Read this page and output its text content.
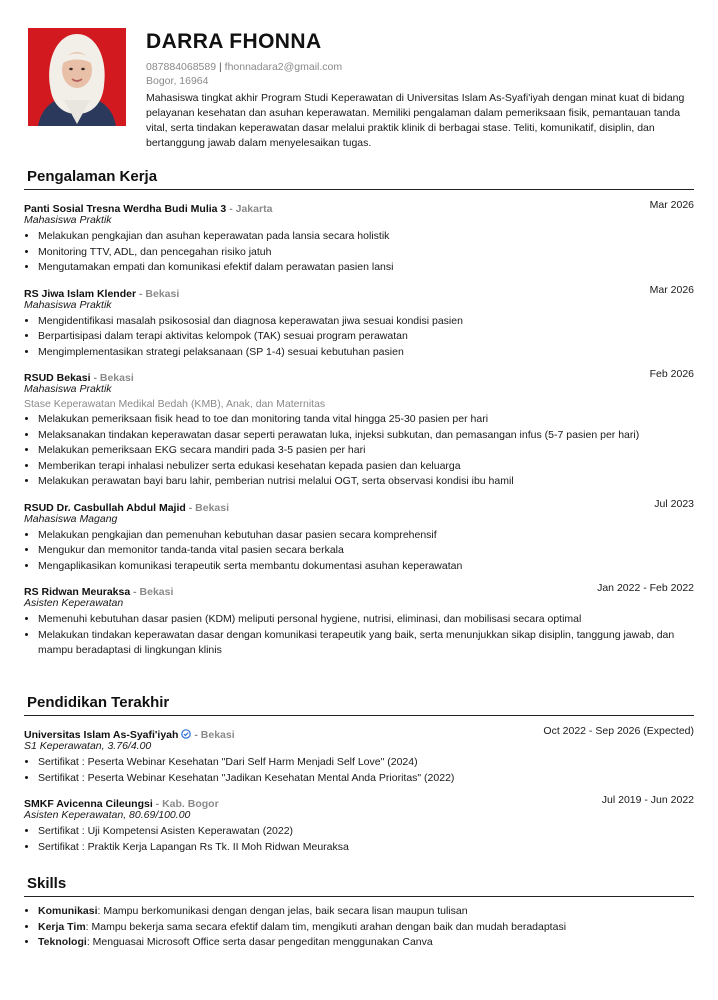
DARRA FHONNA
087884068589 | fhonnadara2@gmail.com
Bogor, 16964
Mahasiswa tingkat akhir Program Studi Keperawatan di Universitas Islam As-Syafi'iyah dengan minat kuat di bidang pelayanan kesehatan dan asuhan keperawatan. Memiliki pengalaman dalam pemeriksaan fisik, pemantauan tanda vital, serta tindakan keperawatan dasar melalui praktik klinik di berbagai stase. Teliti, komunikatif, disiplin, dan bertanggung jawab dalam menyelesaikan tugas.
Pengalaman Kerja
Panti Sosial Tresna Werdha Budi Mulia 3 - Jakarta	Mar 2026
Mahasiswa Praktik
• Melakukan pengkajian dan asuhan keperawatan pada lansia secara holistik
• Monitoring TTV, ADL, dan pencegahan risiko jatuh
• Mengutamakan empati dan komunikasi efektif dalam perawatan pasien lansi
RS Jiwa Islam Klender - Bekasi	Mar 2026
Mahasiswa Praktik
• Mengidentifikasi masalah psikososial dan diagnosa keperawatan jiwa sesuai kondisi pasien
• Berpartisipasi dalam terapi aktivitas kelompok (TAK) sesuai program perawatan
• Mengimplementasikan strategi pelaksanaan (SP 1-4) sesuai kebutuhan pasien
RSUD Bekasi - Bekasi	Feb 2026
Mahasiswa Praktik
Stase Keperawatan Medikal Bedah (KMB), Anak, dan Maternitas
• Melakukan pemeriksaan fisik head to toe dan monitoring tanda vital hingga 25-30 pasien per hari
• Melaksanakan tindakan keperawatan dasar seperti perawatan luka, injeksi subkutan, dan pemasangan infus (5-7 pasien per hari)
• Melakukan pemeriksaan EKG secara mandiri pada 3-5 pasien per hari
• Memberikan terapi inhalasi nebulizer serta edukasi kesehatan kepada pasien dan keluarga
• Melakukan perawatan bayi baru lahir, pemberian nutrisi melalui OGT, serta observasi kondisi ibu hamil
RSUD Dr. Casbullah Abdul Majid - Bekasi	Jul 2023
Mahasiswa Magang
• Melakukan pengkajian dan pemenuhan kebutuhan dasar pasien secara komprehensif
• Mengukur dan memonitor tanda-tanda vital pasien secara berkala
• Mengaplikasikan komunikasi terapeutik serta membantu dokumentasi asuhan keperawatan
RS Ridwan Meuraksa - Bekasi	Jan 2022 - Feb 2022
Asisten Keperawatan
• Memenuhi kebutuhan dasar pasien (KDM) meliputi personal hygiene, nutrisi, eliminasi, dan mobilisasi secara optimal
• Melakukan tindakan keperawatan dasar dengan komunikasi terapeutik yang baik, serta menunjukkan sikap disiplin, tanggung jawab, dan mampu beradaptasi di lingkungan klinis
Pendidikan Terakhir
Universitas Islam As-Syafi'iyah - Bekasi	Oct 2022 - Sep 2026 (Expected)
S1 Keperawatan, 3.76/4.00
• Sertifikat : Peserta Webinar Kesehatan "Dari Self Harm Menjadi Self Love" (2024)
• Sertifikat : Peserta Webinar Kesehatan "Jadikan Kesehatan Mental Anda Prioritas" (2022)
SMKF Avicenna Cileungsi - Kab. Bogor	Jul 2019 - Jun 2022
Asisten Keperawatan, 80.69/100.00
• Sertifikat : Uji Kompetensi Asisten Keperawatan (2022)
• Sertifikat : Praktik Kerja Lapangan Rs Tk. II Moh Ridwan Meuraksa
Skills
• Komunikasi: Mampu berkomunikasi dengan dengan jelas, baik secara lisan maupun tulisan
• Kerja Tim: Mampu bekerja sama secara efektif dalam tim, mengikuti arahan dengan baik dan mudah beradaptasi
• Teknologi: Menguasai Microsoft Office serta dasar pengeditan menggunakan Canva
